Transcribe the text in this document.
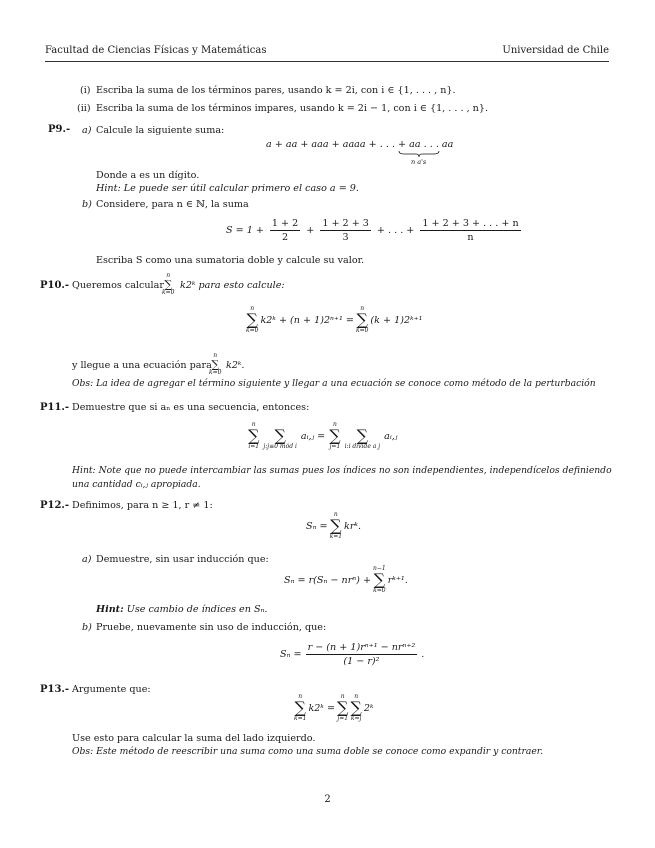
Facultad de Ciencias Físicas y Matemáticas	Universidad de Chile
(i) Escriba la suma de los términos pares, usando k = 2i, con i ∈ {1, . . . , n}.
(ii) Escriba la suma de los términos impares, usando k = 2i − 1, con i ∈ {1, . . . , n}.
P9.- a) Calcule la siguiente suma:
a + aa + aaa + aaaa + . . . + aa . . . aa
n a's
Donde a es un dígito.
Hint: Le puede ser útil calcular primero el caso a = 9.
b) Considere, para n ∈ ℕ, la suma
$S = 1 + \frac{1 + 2}{2} + \frac{1 + 2 + 3}{3}$ + . . . + $\frac{1 + 2 + 3 + . . . + n}{n}$
Escriba S como una sumatoria doble y calcule su valor.
P10.- Queremos calcular
n
∑
k=0
k2ᵏ para esto calcule:
n
∑
k=0
k2ᵏ + (n + 1)2ⁿ⁺¹ =
n
∑
k=0
(k + 1)2ᵏ⁺¹
y llegue a una ecuación para
n
∑
k=0
k2ᵏ.
Obs: La idea de agregar el término siguiente y llegar a una ecuación se conoce como método de la perturbación
P11.- Demuestre que si aₙ es una secuencia, entonces:
n
∑
i=1

∑
j:j≡0 mód i
aᵢ,ⱼ =
n
∑
j=1

∑
i:i divide a j
aᵢ,ⱼ
Hint: Note que no puede intercambiar las sumas pues los índices no son independientes, independícelos definiendo
una cantidad cᵢ,ⱼ apropiada.
P12.- Definimos, para n ≥ 1, r ≠ 1:
Sₙ =
n
∑
k=1
krᵏ.
a) Demuestre, sin usar inducción que:
Sₙ = r(Sₙ − nrⁿ) +
n−1
∑
k=0
rᵏ⁺¹.
Hint: Use cambio de índices en Sₙ.
b) Pruebe, nuevamente sin uso de inducción, que:
$S_n = \frac{\text{r − (n + 1)rⁿ⁺¹ − nrⁿ⁺²}}{\text{(1 − r)²}}$ .
P13.- Argumente que:
n
∑
k=1
k2ᵏ =
n
∑
j=1
n
∑
k=j
2ᵏ
Use esto para calcular la suma del lado izquierdo.
Obs: Este método de reescribir una suma como una suma doble se conoce como expandir y contraer.
2
